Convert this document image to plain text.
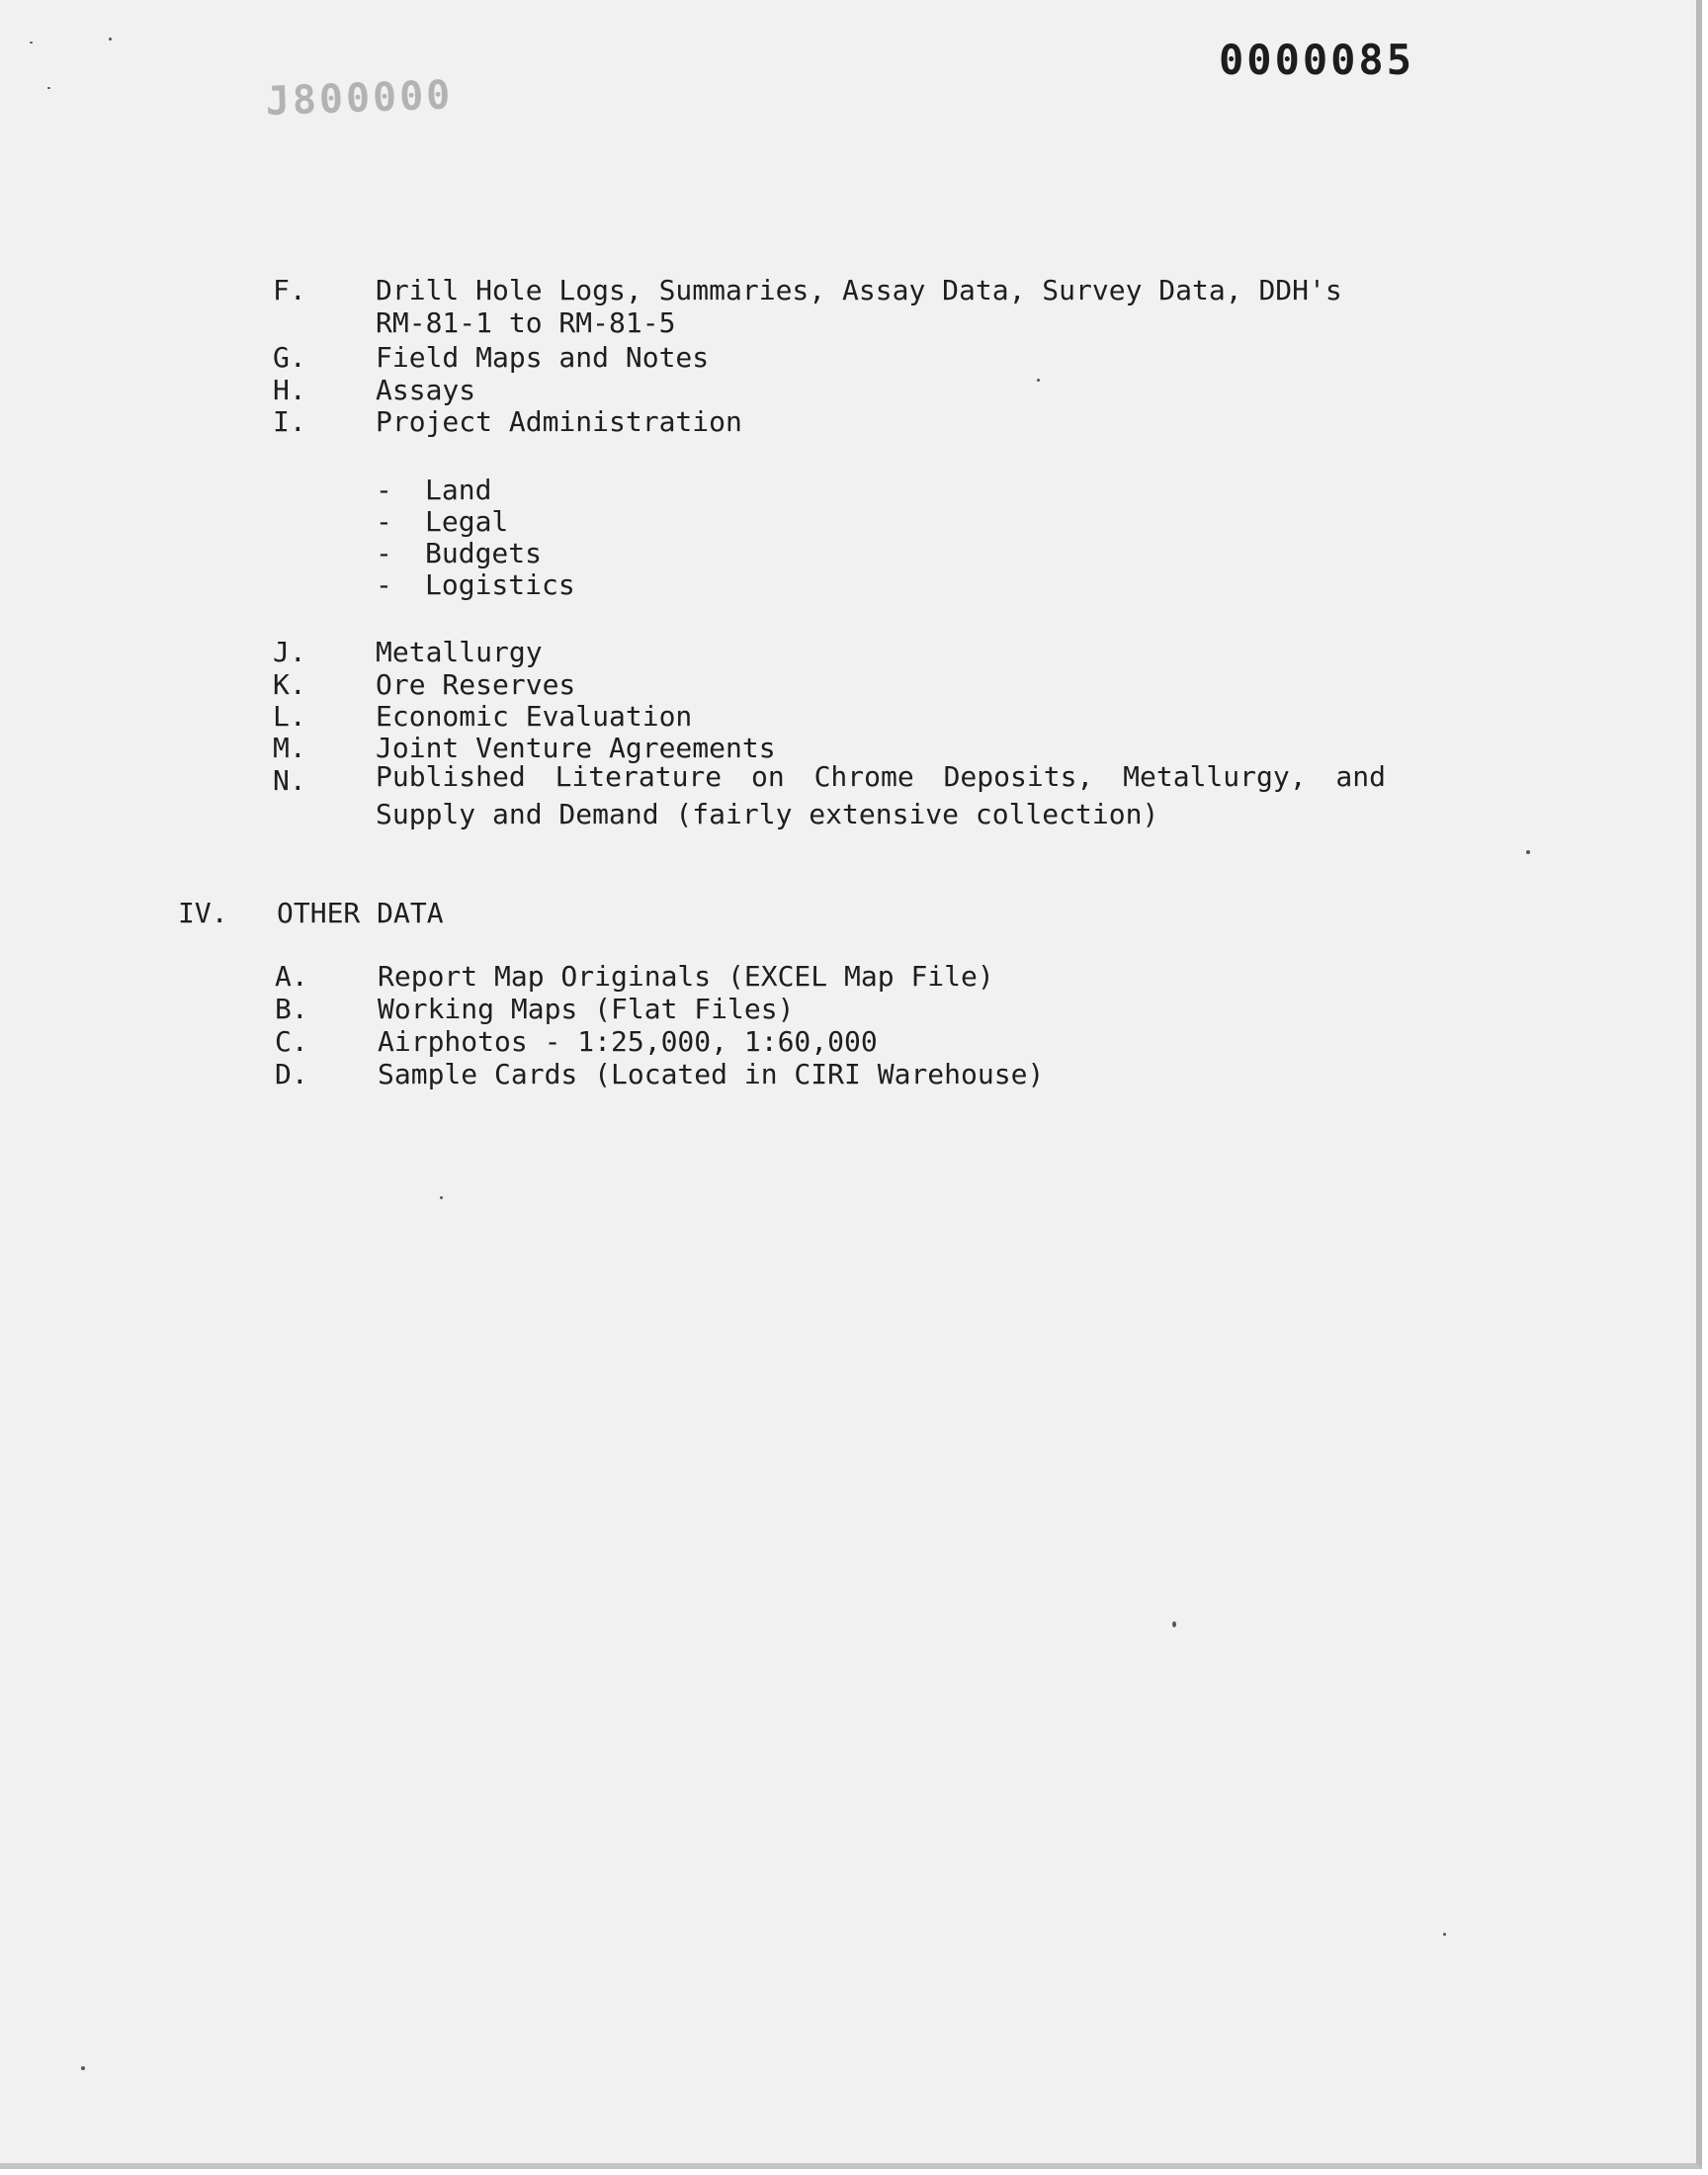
0000085
J800000
F.	Drill Hole Logs, Summaries, Assay Data, Survey Data, DDH's
RM-81-1 to RM-81-5
G.	Field Maps and Notes
H.	Assays
I.	Project Administration
- Land
- Legal
- Budgets
- Logistics
J.	Metallurgy
K.	Ore Reserves
L.	Economic Evaluation
M.	Joint Venture Agreements
N.	Published Literature on Chrome Deposits, Metallurgy, and
Supply and Demand (fairly extensive collection)
IV. OTHER DATA
A.	Report Map Originals (EXCEL Map File)
B.	Working Maps (Flat Files)
C.	Airphotos - 1:25,000, 1:60,000
D.	Sample Cards (Located in CIRI Warehouse)
